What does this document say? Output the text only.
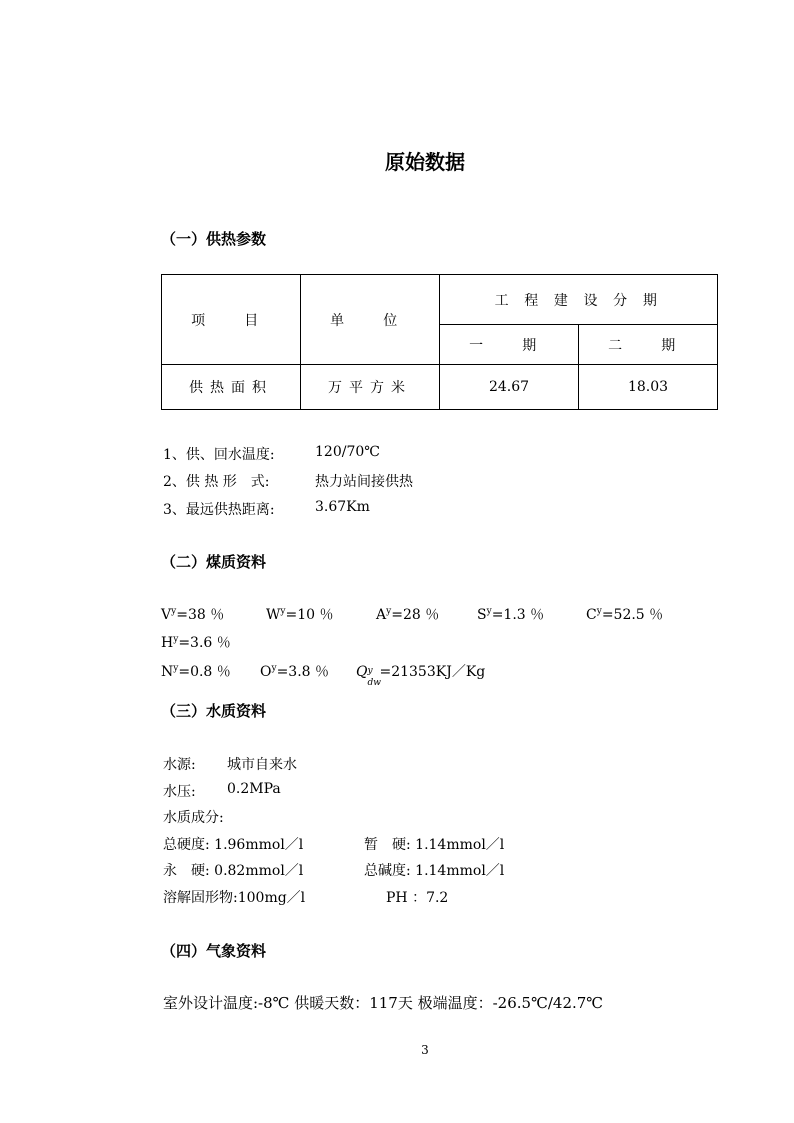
原始数据
（一）供热参数
项　目	单　位	工 程 建 设 分 期	
		一　期	二　期
供热面积	万平方米	24.67	18.03
1、供、回水温度:	120/70℃
2、供 热 形　式:	热力站间接供热
3、最远供热距离:	3.67Km
（二）煤质资料
$V^y=38$ ％	$W^y=10$ ％	$A^y=28$ ％	$S^y=1.3$ ％	$C^y=52.5$ ％
$H^y=3.6$ ％
$N^y=0.8$ ％ $O^y=3.8$ ％ Q y
dw
=21353KJ／Kg
（三）水质资料
水源: 城市自来水
水压: 0.2MPa
水质成分:
总硬度: 1.96mmol／l	暂　硬: 1.14mmol／l
永　硬: 0.82mmol／l	总碱度: 1.14mmol／l
溶解固形物:100mg／l	PH ：7.2
（四）气象资料
室外设计温度:-8℃ 供暖天数：117天 极端温度：-26.5℃/42.7℃
3
